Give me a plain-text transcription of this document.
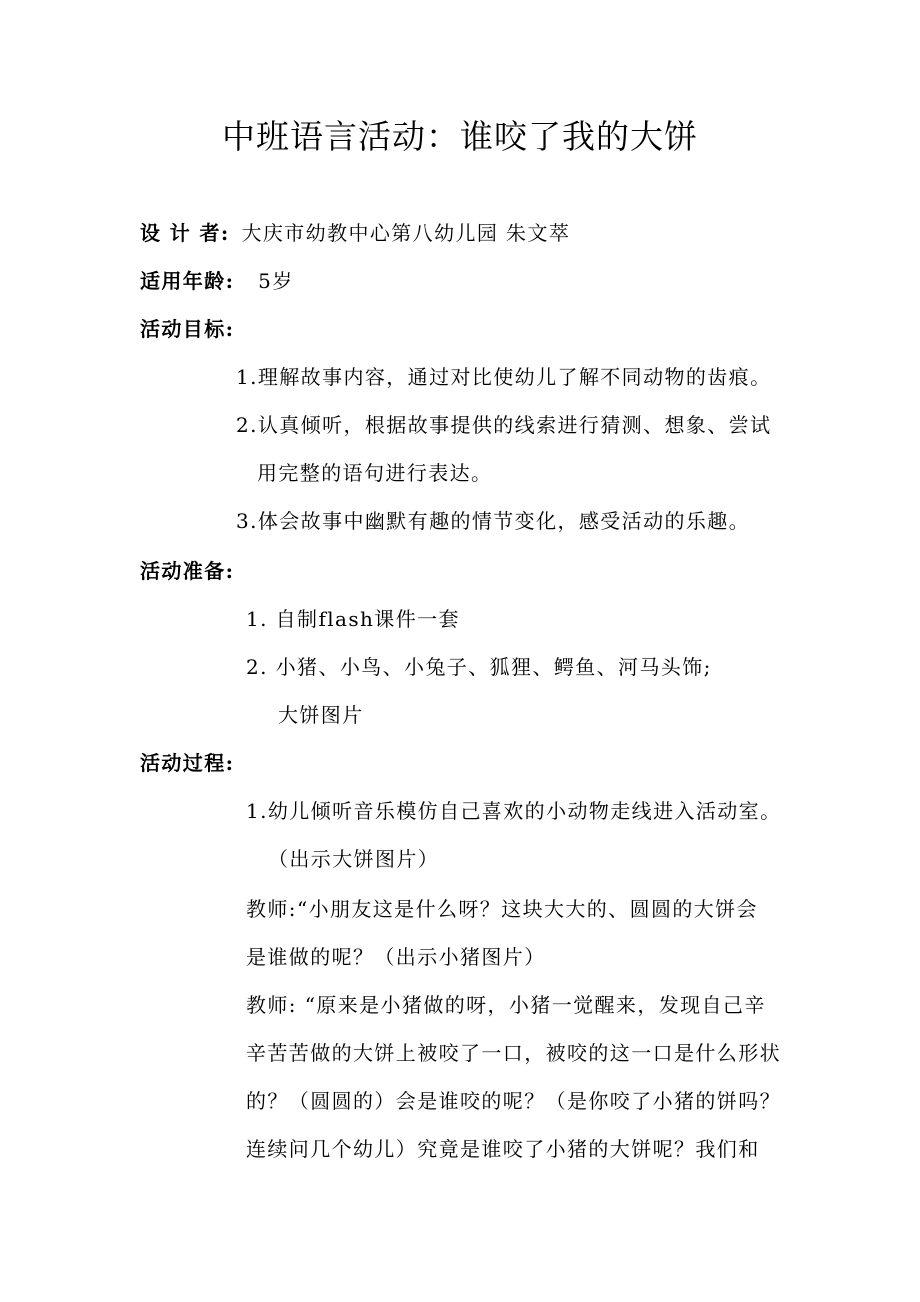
中班语言活动：谁咬了我的大饼
设 计 者: 大庆市幼教中心第八幼儿园 朱文萃
适用年龄: 5岁
活动目标:
1.理解故事内容，通过对比使幼儿了解不同动物的齿痕。
2.认真倾听，根据故事提供的线索进行猜测、想象、尝试
用完整的语句进行表达。
3.体会故事中幽默有趣的情节变化，感受活动的乐趣。
活动准备:
1. 自制flash课件一套
2. 小猪、小鸟、小兔子、狐狸、鳄鱼、河马头饰;
大饼图片
活动过程:
1.幼儿倾听音乐模仿自己喜欢的小动物走线进入活动室。
（出示大饼图片）
教师:“小朋友这是什么呀？这块大大的、圆圆的大饼会
是谁做的呢？（出示小猪图片）
教师: “原来是小猪做的呀，小猪一觉醒来，发现自己辛
辛苦苦做的大饼上被咬了一口，被咬的这一口是什么形状
的？（圆圆的）会是谁咬的呢？（是你咬了小猪的饼吗？
连续问几个幼儿）究竟是谁咬了小猪的大饼呢？我们和
